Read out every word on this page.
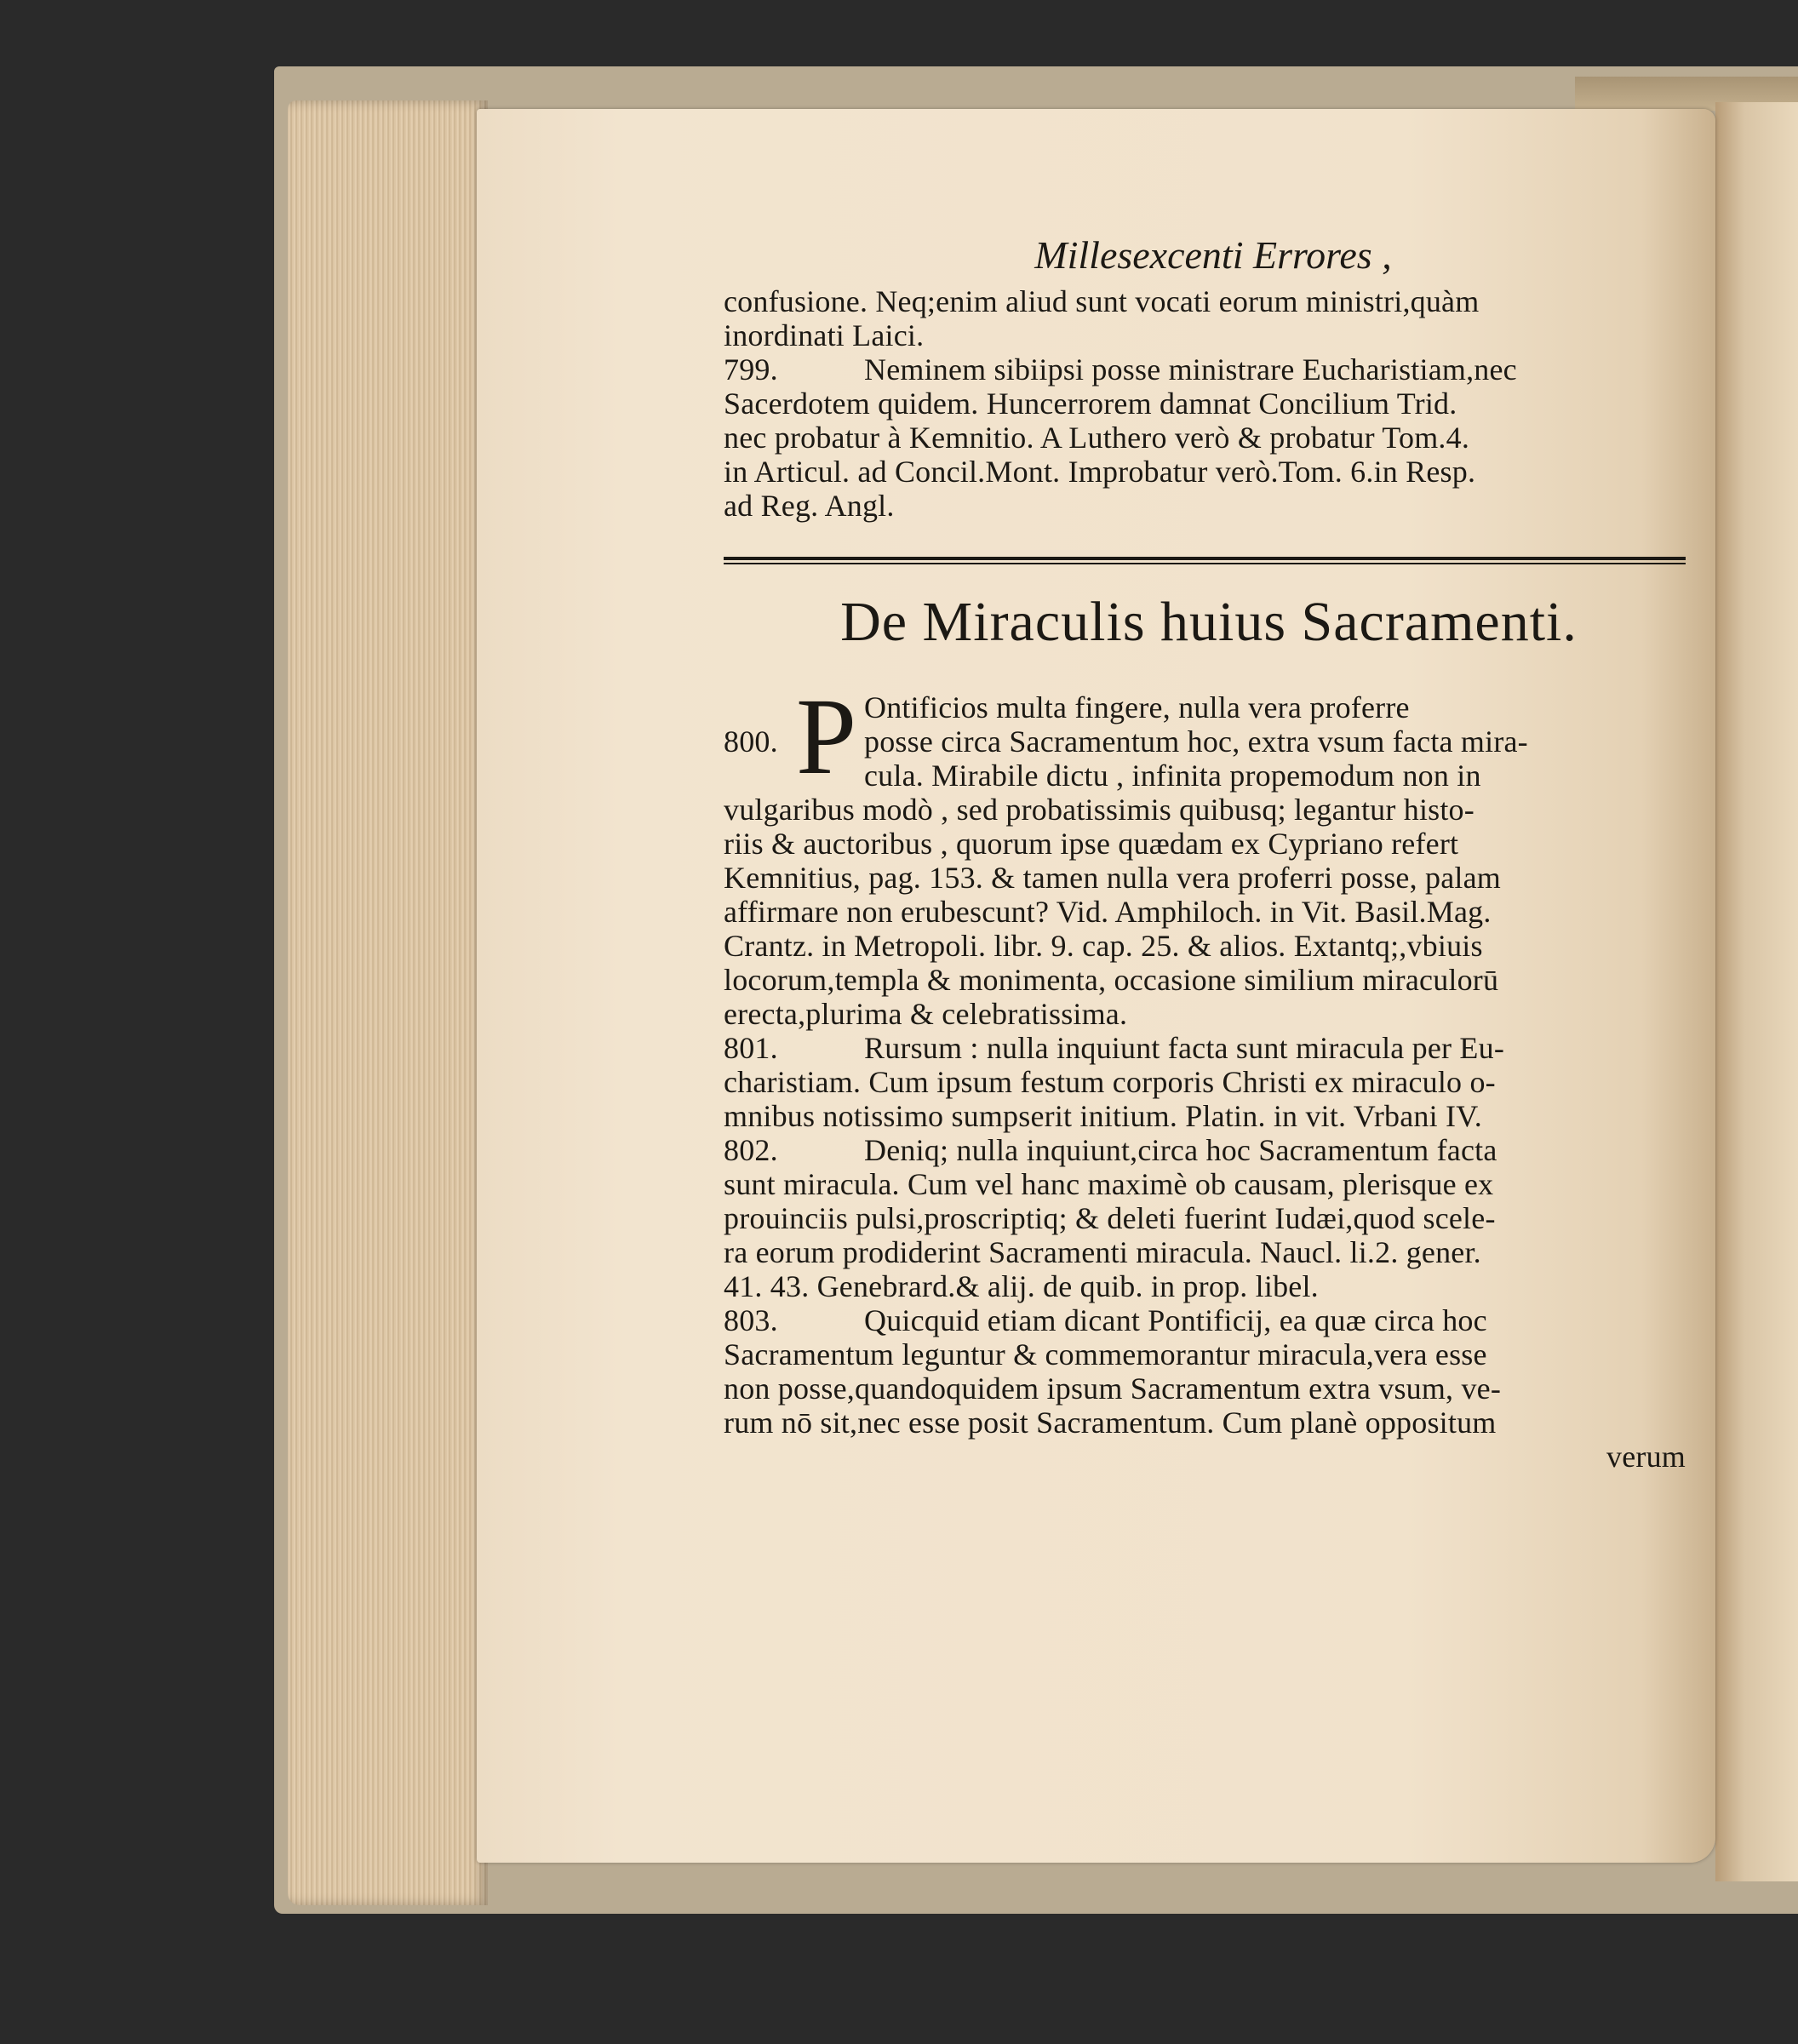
Millesexcenti Errores ,
confusione. Neq;enim aliud sunt vocati eorum ministri,quàm
inordinati Laici.
799.	Neminem sibiipsi posse ministrare Eucharistiam,nec
Sacerdotem quidem. Huncerrorem damnat Concilium Trid.
nec probatur à Kemnitio. A Luthero verò & probatur Tom.4.
in Articul. ad Concil.Mont. Improbatur verò.Tom. 6.in Resp.
ad Reg. Angl.
De Miraculis huius Sacramenti.
P Ontificios multa fingere, nulla vera proferre
800.	posse circa Sacramentum hoc, extra vsum facta mira-
cula. Mirabile dictu , infinita propemodum non in
vulgaribus modò , sed probatissimis quibusq; legantur histo-
riis & auctoribus , quorum ipse quædam ex Cypriano refert
Kemnitius, pag. 153. & tamen nulla vera proferri posse, palam
affirmare non erubescunt? Vid. Amphiloch. in Vit. Basil.Mag.
Crantz. in Metropoli. libr. 9. cap. 25. & alios. Extantq;,vbiuis
locorum,templa & monimenta, occasione similium miraculorū
erecta,plurima & celebratissima.
801.	Rursum : nulla inquiunt facta sunt miracula per Eu-
charistiam. Cum ipsum festum corporis Christi ex miraculo o-
mnibus notissimo sumpserit initium. Platin. in vit. Vrbani IV.
802.	Deniq; nulla inquiunt,circa hoc Sacramentum facta
sunt miracula. Cum vel hanc maximè ob causam, plerisque ex
prouinciis pulsi,proscriptiq; & deleti fuerint Iudæi,quod scele-
ra eorum prodiderint Sacramenti miracula. Naucl. li.2. gener.
41. 43. Genebrard.& alij. de quib. in prop. libel.
803.	Quicquid etiam dicant Pontificij, ea quæ circa hoc
Sacramentum leguntur & commemorantur miracula,vera esse
non posse,quandoquidem ipsum Sacramentum extra vsum, ve-
rum nō sit,nec esse posit Sacramentum. Cum planè oppositum
verum
